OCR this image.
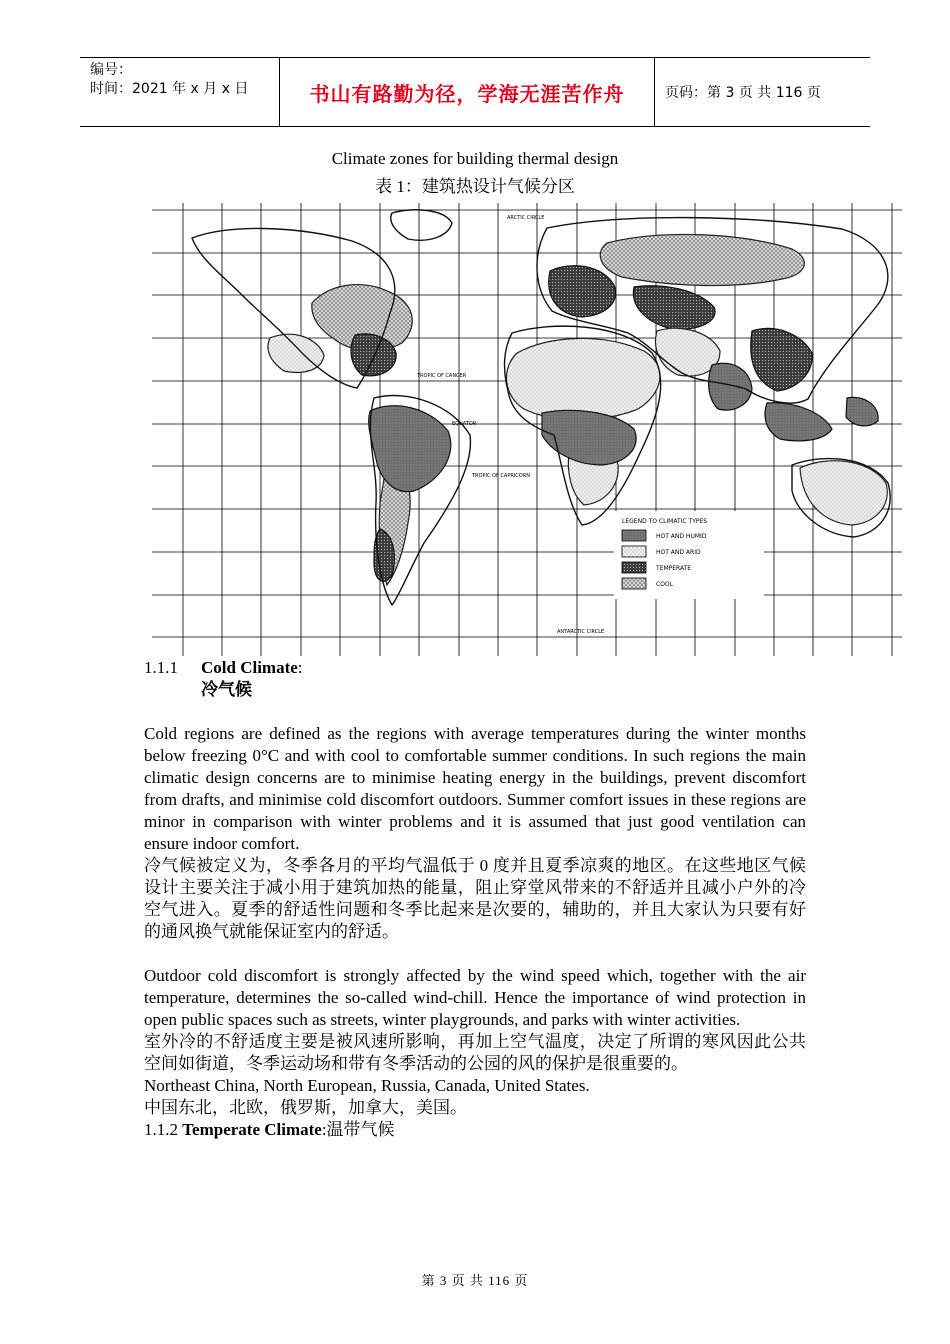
编号：
时间：2021 年 x 月 x 日	书山有路勤为径，学海无涯苦作舟	页码：第 3 页 共 116 页
Climate zones for building thermal design
表 1：建筑热设计气候分区
ARCTIC CIRCLE
TROPIC OF CANCER
EQUATOR
TROPIC OF CAPRICORN
ANTARCTIC CIRCLE
LEGEND TO CLIMATIC TYPES
HOT AND HUMID
HOT AND ARID
TEMPERATE
COOL
1.1.1	Cold Climate:
冷气候

Cold regions are defined as the regions with average temperatures during the winter months below freezing 0°C and with cool to comfortable summer conditions. In such regions the main climatic design concerns are to minimise heating energy in the buildings, prevent discomfort from drafts, and minimise cold discomfort outdoors. Summer comfort issues in these regions are minor in comparison with winter problems and it is assumed that just good ventilation can ensure indoor comfort.

冷气候被定义为，冬季各月的平均气温低于 0 度并且夏季凉爽的地区。在这些地区气候设计主要关注于减小用于建筑加热的能量，阻止穿堂风带来的不舒适并且减小户外的冷空气进入。夏季的舒适性问题和冬季比起来是次要的，辅助的，并且大家认为只要有好的通风换气就能保证室内的舒适。

Outdoor cold discomfort is strongly affected by the wind speed which, together with the air temperature, determines the so-called wind-chill. Hence the importance of wind protection in open public spaces such as streets, winter playgrounds, and parks with winter activities.

室外冷的不舒适度主要是被风速所影响，再加上空气温度，决定了所谓的寒风因此公共空间如街道，冬季运动场和带有冬季活动的公园的风的保护是很重要的。

Northeast China, North European, Russia, Canada, United States.

中国东北，北欧，俄罗斯，加拿大，美国。

1.1.2 Temperate Climate:温带气候

第 3 页 共 116 页
